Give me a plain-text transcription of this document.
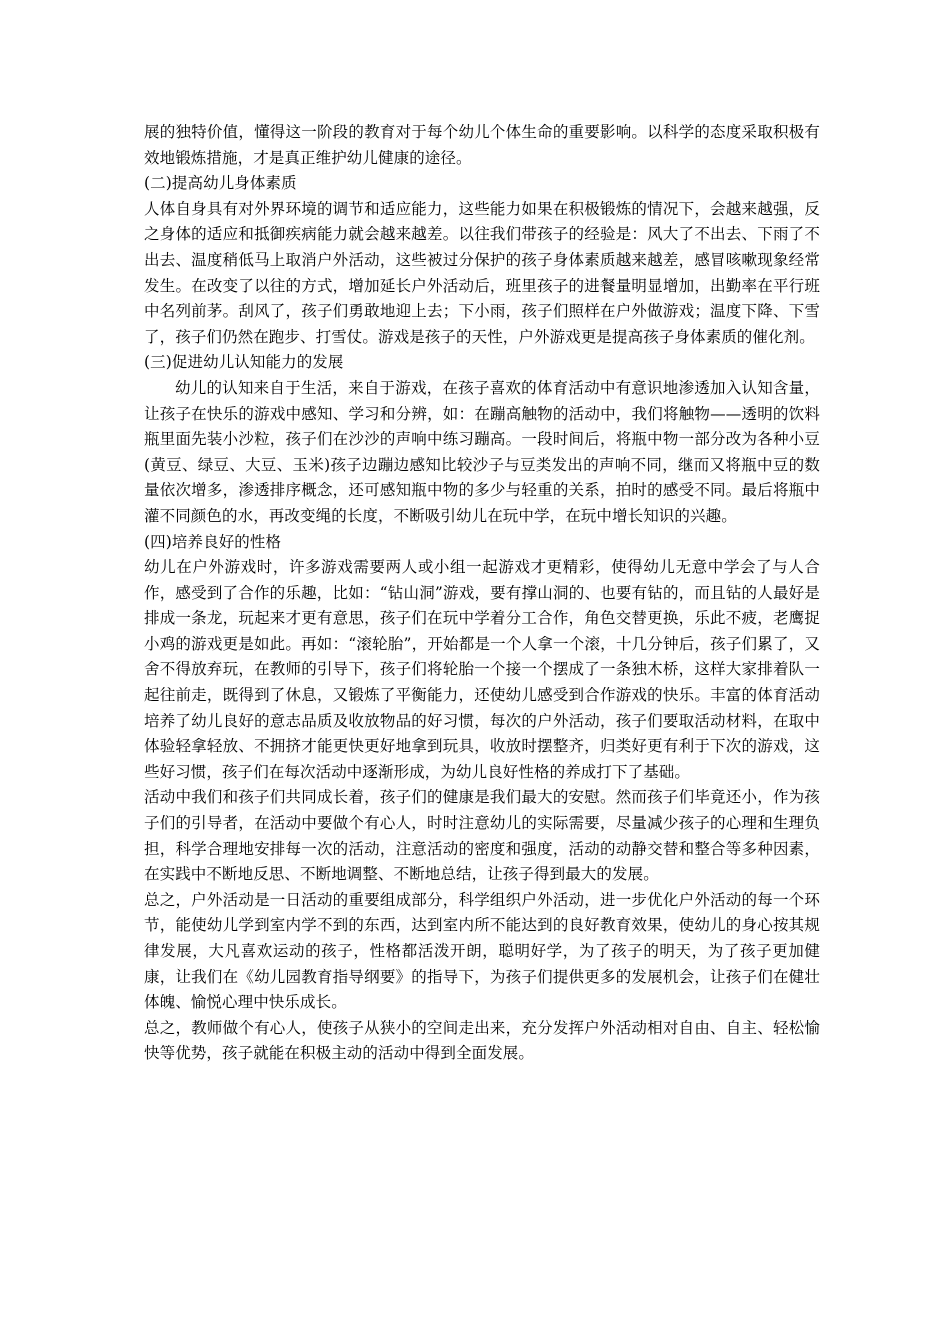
展的独特价值，懂得这一阶段的教育对于每个幼儿个体生命的重要影响。以科学的态度采取积极有效地锻炼措施，才是真正维护幼儿健康的途径。

(二)提高幼儿身体素质

人体自身具有对外界环境的调节和适应能力，这些能力如果在积极锻炼的情况下，会越来越强，反之身体的适应和抵御疾病能力就会越来越差。以往我们带孩子的经验是：风大了不出去、下雨了不出去、温度稍低马上取消户外活动，这些被过分保护的孩子身体素质越来越差，感冒咳嗽现象经常发生。在改变了以往的方式，增加延长户外活动后，班里孩子的进餐量明显增加，出勤率在平行班中名列前茅。刮风了，孩子们勇敢地迎上去；下小雨，孩子们照样在户外做游戏；温度下降、下雪了，孩子们仍然在跑步、打雪仗。游戏是孩子的天性，户外游戏更是提高孩子身体素质的催化剂。

(三)促进幼儿认知能力的发展

幼儿的认知来自于生活，来自于游戏，在孩子喜欢的体育活动中有意识地渗透加入认知含量，让孩子在快乐的游戏中感知、学习和分辨，如：在蹦高触物的活动中，我们将触物——透明的饮料瓶里面先装小沙粒，孩子们在沙沙的声响中练习蹦高。一段时间后，将瓶中物一部分改为各种小豆(黄豆、绿豆、大豆、玉米)孩子边蹦边感知比较沙子与豆类发出的声响不同，继而又将瓶中豆的数量依次增多，渗透排序概念，还可感知瓶中物的多少与轻重的关系，拍时的感受不同。最后将瓶中灌不同颜色的水，再改变绳的长度，不断吸引幼儿在玩中学，在玩中增长知识的兴趣。

(四)培养良好的性格

幼儿在户外游戏时，许多游戏需要两人或小组一起游戏才更精彩，使得幼儿无意中学会了与人合作，感受到了合作的乐趣，比如：“钻山洞”游戏，要有撑山洞的、也要有钻的，而且钻的人最好是排成一条龙，玩起来才更有意思，孩子们在玩中学着分工合作，角色交替更换，乐此不疲，老鹰捉小鸡的游戏更是如此。再如：“滚轮胎”，开始都是一个人拿一个滚，十几分钟后，孩子们累了，又舍不得放弃玩，在教师的引导下，孩子们将轮胎一个接一个摆成了一条独木桥，这样大家排着队一起往前走，既得到了休息，又锻炼了平衡能力，还使幼儿感受到合作游戏的快乐。丰富的体育活动培养了幼儿良好的意志品质及收放物品的好习惯，每次的户外活动，孩子们要取活动材料，在取中体验轻拿轻放、不拥挤才能更快更好地拿到玩具，收放时摆整齐，归类好更有利于下次的游戏，这些好习惯，孩子们在每次活动中逐渐形成，为幼儿良好性格的养成打下了基础。

活动中我们和孩子们共同成长着，孩子们的健康是我们最大的安慰。然而孩子们毕竟还小，作为孩子们的引导者，在活动中要做个有心人，时时注意幼儿的实际需要，尽量减少孩子的心理和生理负担，科学合理地安排每一次的活动，注意活动的密度和强度，活动的动静交替和整合等多种因素，在实践中不断地反思、不断地调整、不断地总结，让孩子得到最大的发展。

总之，户外活动是一日活动的重要组成部分，科学组织户外活动，进一步优化户外活动的每一个环节，能使幼儿学到室内学不到的东西，达到室内所不能达到的良好教育效果，使幼儿的身心按其规律发展，大凡喜欢运动的孩子，性格都活泼开朗，聪明好学，为了孩子的明天，为了孩子更加健康，让我们在《幼儿园教育指导纲要》的指导下，为孩子们提供更多的发展机会，让孩子们在健壮体魄、愉悦心理中快乐成长。

总之，教师做个有心人，使孩子从狭小的空间走出来，充分发挥户外活动相对自由、自主、轻松愉快等优势，孩子就能在积极主动的活动中得到全面发展。
